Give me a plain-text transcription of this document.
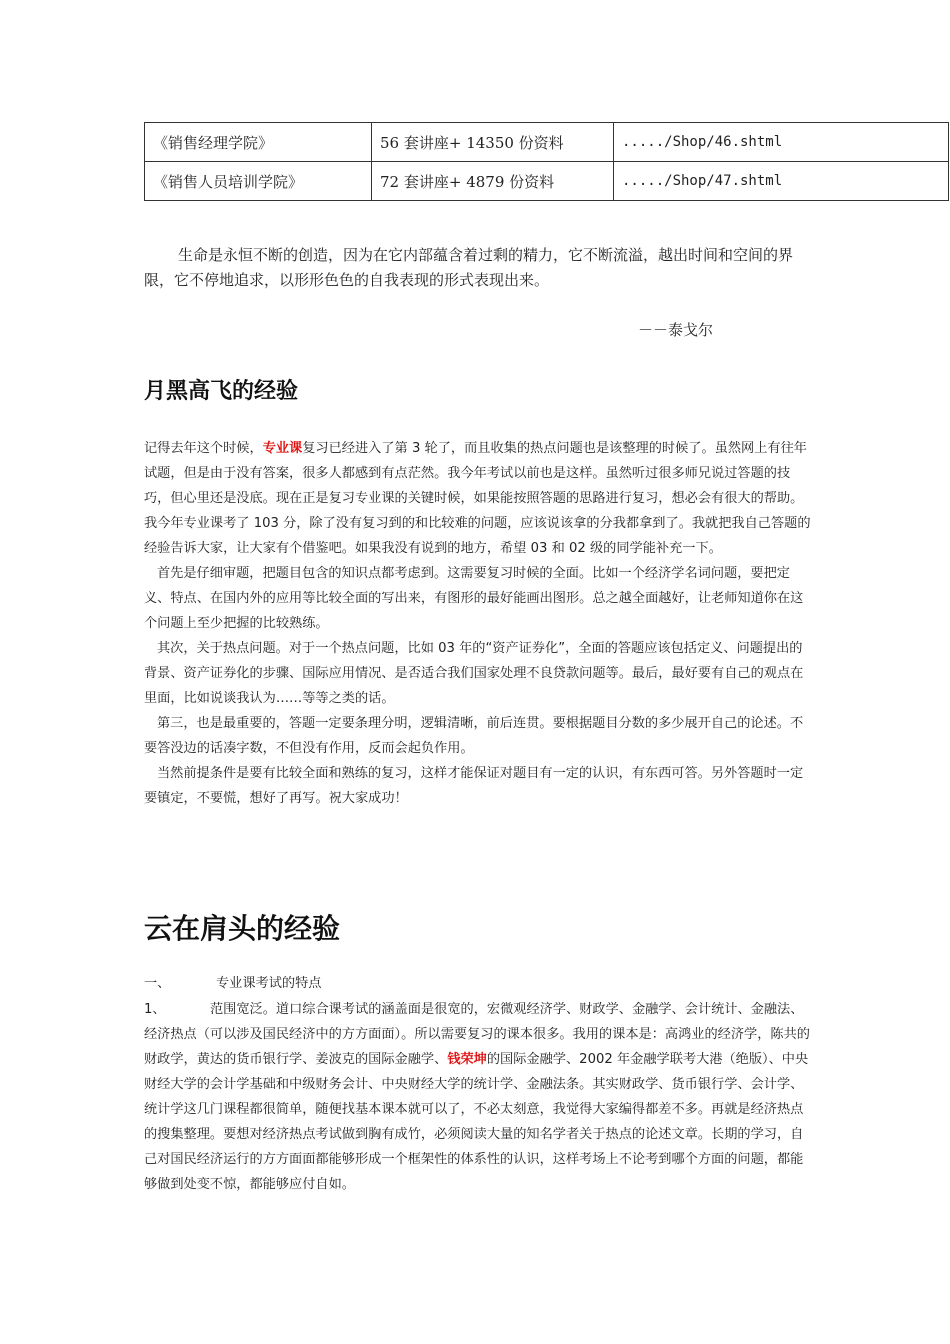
《销售经理学院》	56 套讲座+ 14350 份资料	...../Shop/46.shtml
《销售人员培训学院》	72 套讲座+ 4879 份资料	...../Shop/47.shtml

生命是永恒不断的创造，因为在它内部蕴含着过剩的精力，它不断流溢，越出时间和空间的界限，它不停地追求，以形形色色的自我表现的形式表现出来。

－－泰戈尔
月黑高飞的经验

记得去年这个时候，专业课复习已经进入了第 3 轮了，而且收集的热点问题也是该整理的时候了。虽然网上有往年试题，但是由于没有答案，很多人都感到有点茫然。我今年考试以前也是这样。虽然听过很多师兄说过答题的技巧，但心里还是没底。现在正是复习专业课的关键时候，如果能按照答题的思路进行复习，想必会有很大的帮助。我今年专业课考了 103 分，除了没有复习到的和比较难的问题，应该说该拿的分我都拿到了。我就把我自己答题的经验告诉大家，让大家有个借鉴吧。如果我没有说到的地方，希望 03 和 02 级的同学能补充一下。

首先是仔细审题，把题目包含的知识点都考虑到。这需要复习时候的全面。比如一个经济学名词问题，要把定义、特点、在国内外的应用等比较全面的写出来，有图形的最好能画出图形。总之越全面越好，让老师知道你在这个问题上至少把握的比较熟练。

其次，关于热点问题。对于一个热点问题，比如 03 年的“资产证券化”，全面的答题应该包括定义、问题提出的背景、资产证券化的步骤、国际应用情况、是否适合我们国家处理不良贷款问题等。最后，最好要有自己的观点在里面，比如说谈我认为……等等之类的话。

第三，也是最重要的，答题一定要条理分明，逻辑清晰，前后连贯。要根据题目分数的多少展开自己的论述。不要答没边的话凑字数，不但没有作用，反而会起负作用。

当然前提条件是要有比较全面和熟练的复习，这样才能保证对题目有一定的认识，有东西可答。另外答题时一定要镇定，不要慌，想好了再写。祝大家成功！

云在肩头的经验
一、	专业课考试的特点

1、	范围宽泛。道口综合课考试的涵盖面是很宽的，宏微观经济学、财政学、金融学、会计统计、金融法、经济热点（可以涉及国民经济中的方方面面）。所以需要复习的课本很多。我用的课本是：高鸿业的经济学，陈共的财政学，黄达的货币银行学、姜波克的国际金融学、钱荣坤的国际金融学、2002 年金融学联考大港（绝版）、中央财经大学的会计学基础和中级财务会计、中央财经大学的统计学、金融法条。其实财政学、货币银行学、会计学、统计学这几门课程都很简单，随便找基本课本就可以了，不必太刻意，我觉得大家编得都差不多。再就是经济热点的搜集整理。要想对经济热点考试做到胸有成竹，必须阅读大量的知名学者关于热点的论述文章。长期的学习，自己对国民经济运行的方方面面都能够形成一个框架性的体系性的认识，这样考场上不论考到哪个方面的问题，都能够做到处变不惊，都能够应付自如。
